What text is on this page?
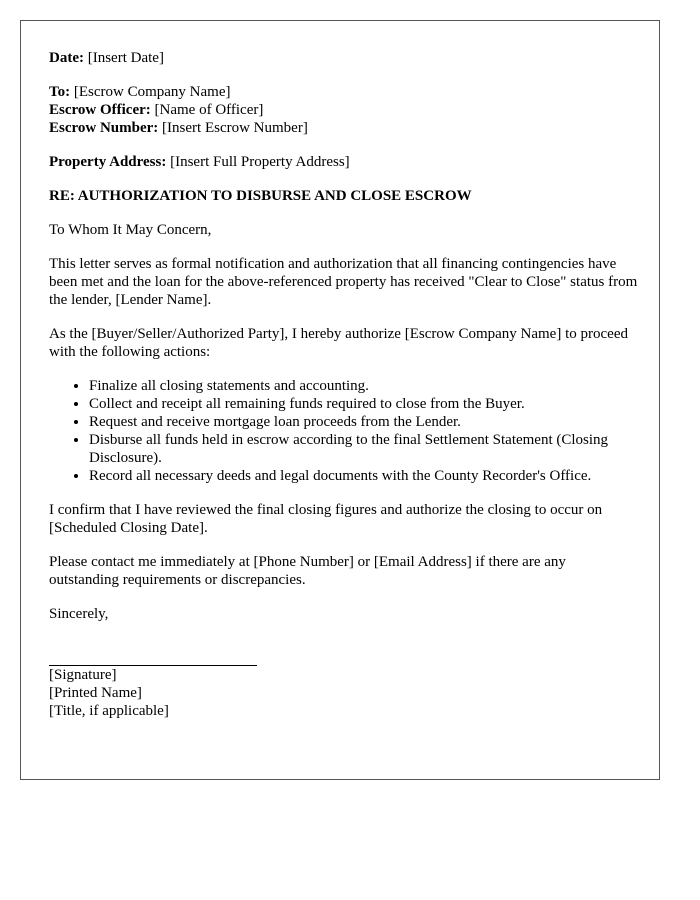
Date: [Insert Date]

To: [Escrow Company Name]
Escrow Officer: [Name of Officer]
Escrow Number: [Insert Escrow Number]

Property Address: [Insert Full Property Address]

RE: AUTHORIZATION TO DISBURSE AND CLOSE ESCROW

To Whom It May Concern,

This letter serves as formal notification and authorization that all financing contingencies have been met and the loan for the above-referenced property has received "Clear to Close" status from the lender, [Lender Name].

As the [Buyer/Seller/Authorized Party], I hereby authorize [Escrow Company Name] to proceed with the following actions:

• Finalize all closing statements and accounting.
• Collect and receipt all remaining funds required to close from the Buyer.
• Request and receive mortgage loan proceeds from the Lender.
• Disburse all funds held in escrow according to the final Settlement Statement (Closing Disclosure).
• Record all necessary deeds and legal documents with the County Recorder's Office.

I confirm that I have reviewed the final closing figures and authorize the closing to occur on [Scheduled Closing Date].

Please contact me immediately at [Phone Number] or [Email Address] if there are any outstanding requirements or discrepancies.

Sincerely,

[Signature]
[Printed Name]
[Title, if applicable]
